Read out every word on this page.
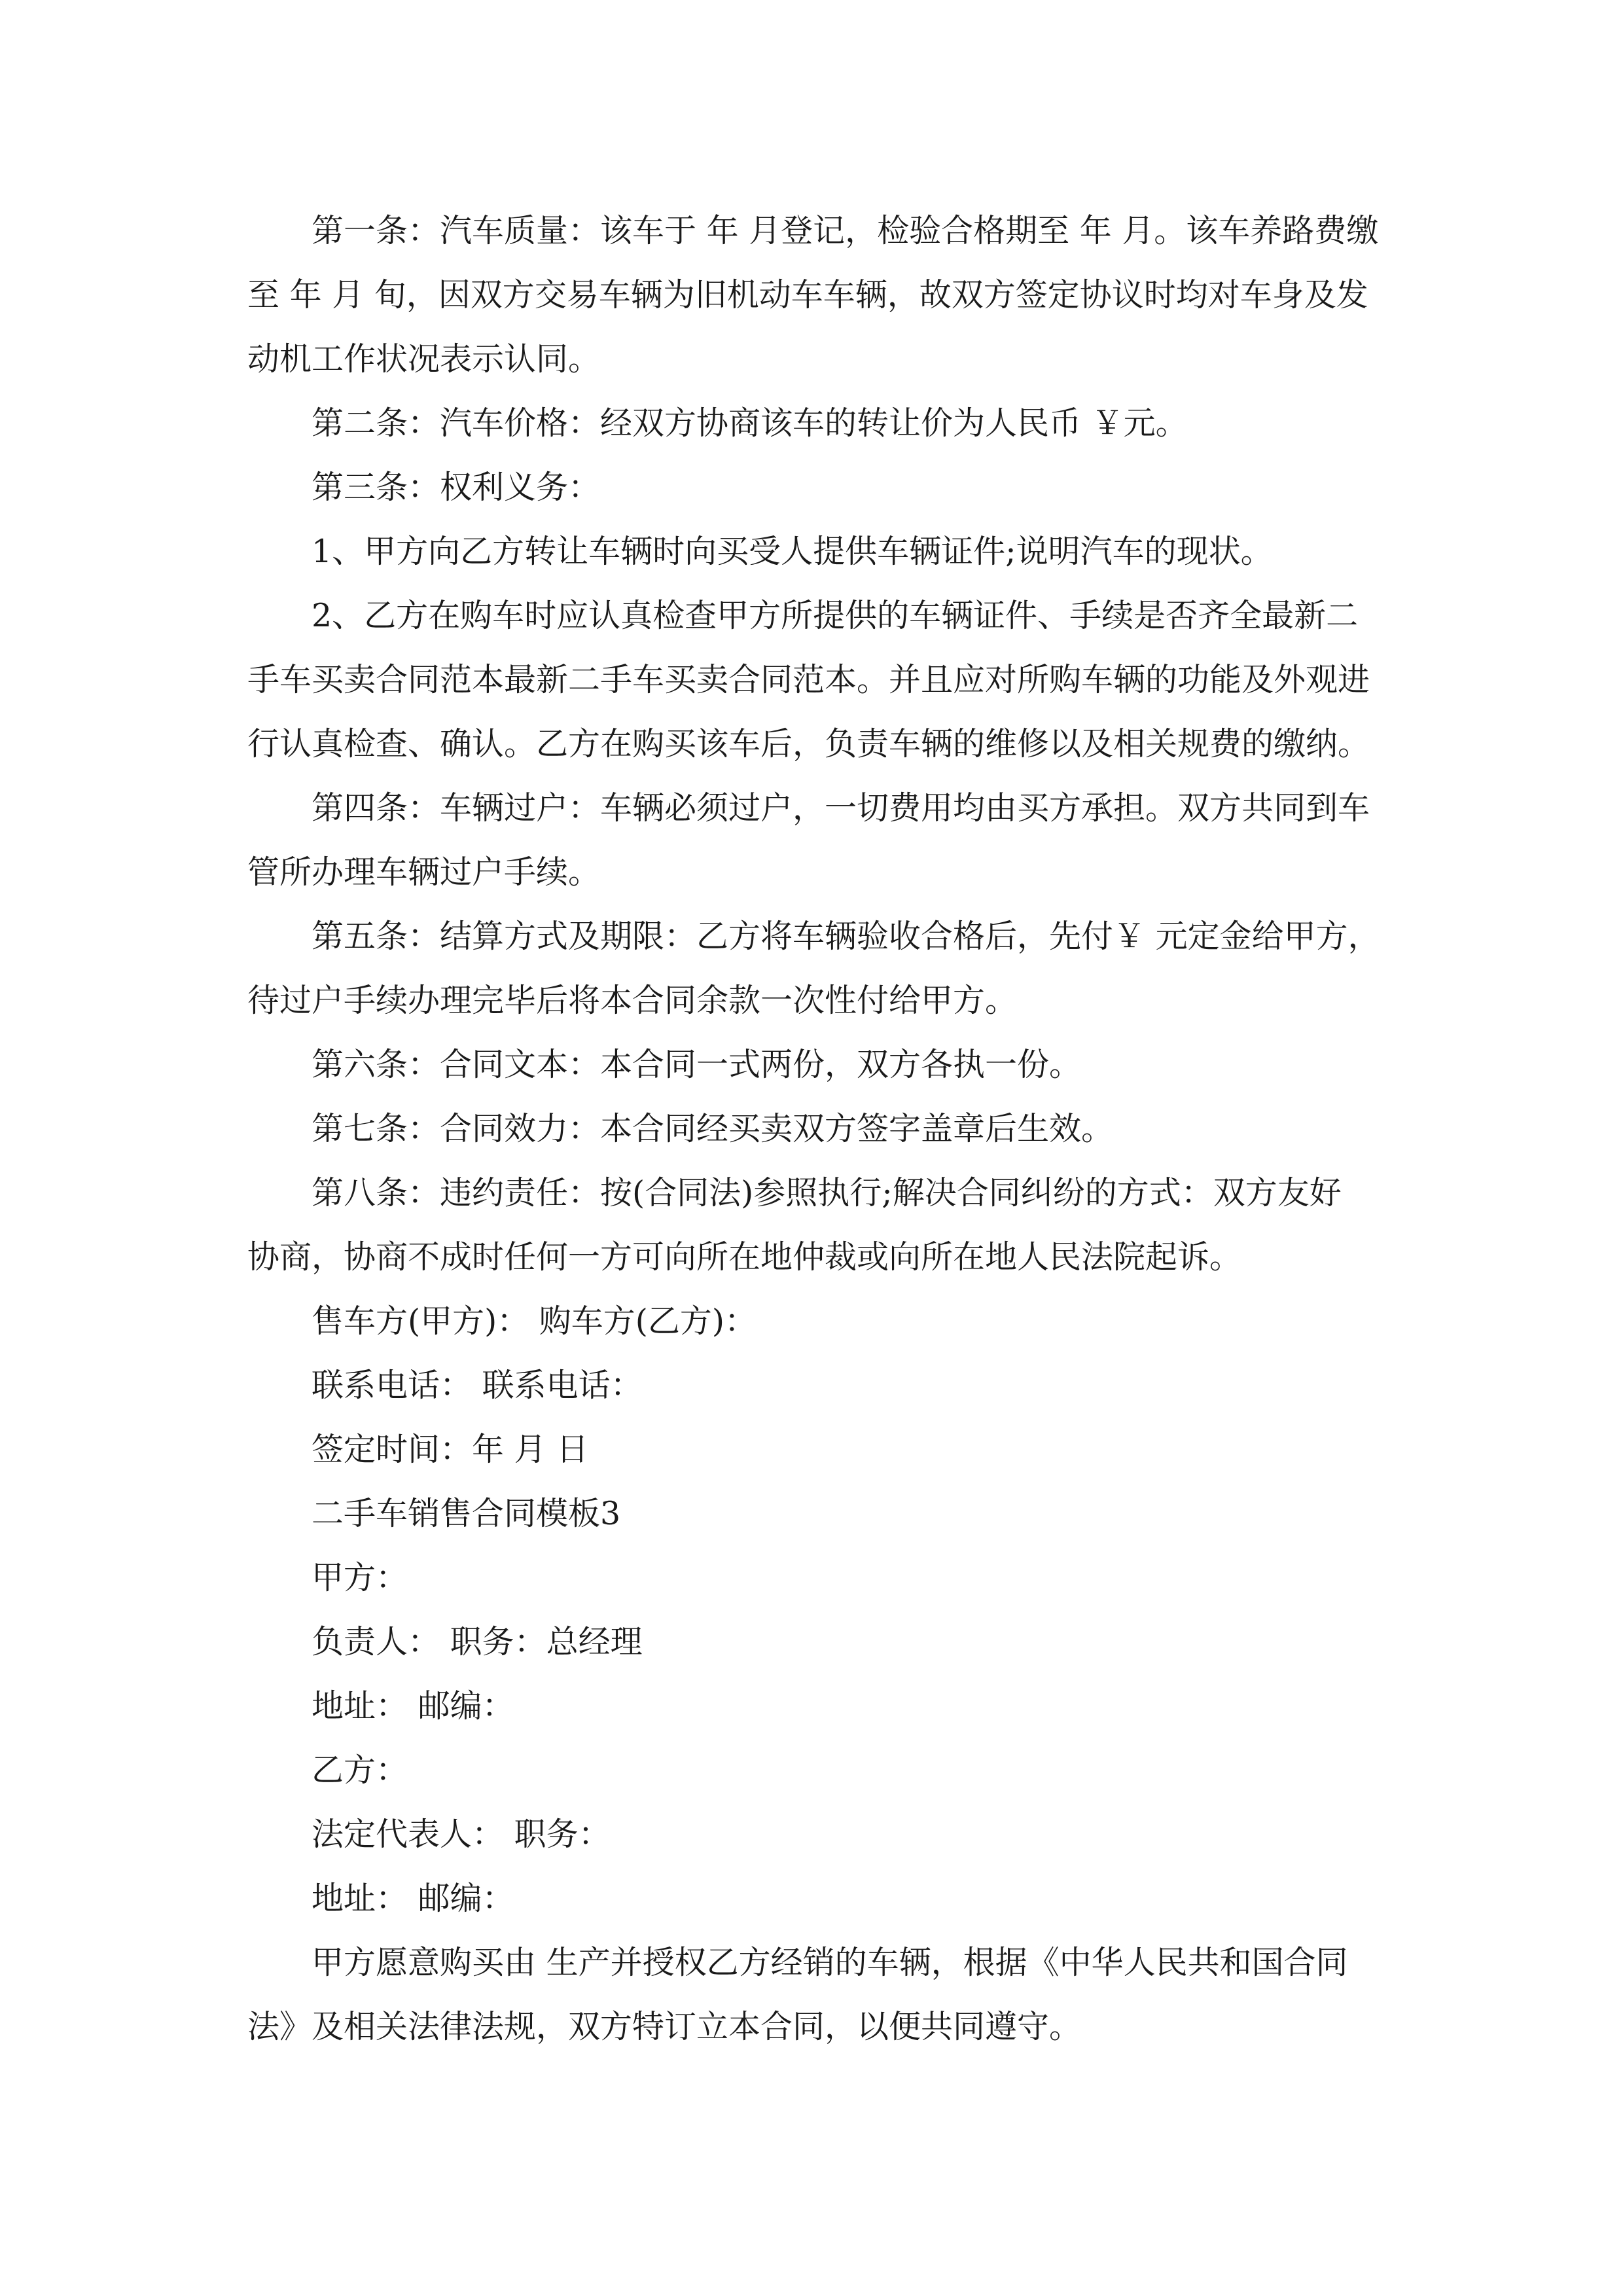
第一条：汽车质量：该车于 年 月登记，检验合格期至 年 月。该车养路费缴
至 年 月 旬，因双方交易车辆为旧机动车车辆，故双方签定协议时均对车身及发
动机工作状况表示认同。

第二条：汽车价格：经双方协商该车的转让价为人民币 ￥元。

第三条：权利义务：

1、甲方向乙方转让车辆时向买受人提供车辆证件;说明汽车的现状。

2、乙方在购车时应认真检查甲方所提供的车辆证件、手续是否齐全最新二
手车买卖合同范本最新二手车买卖合同范本。并且应对所购车辆的功能及外观进
行认真检查、确认。乙方在购买该车后，负责车辆的维修以及相关规费的缴纳。

第四条：车辆过户：车辆必须过户，一切费用均由买方承担。双方共同到车
管所办理车辆过户手续。

第五条：结算方式及期限：乙方将车辆验收合格后，先付￥ 元定金给甲方，
待过户手续办理完毕后将本合同余款一次性付给甲方。

第六条：合同文本：本合同一式两份，双方各执一份。

第七条：合同效力：本合同经买卖双方签字盖章后生效。

第八条：违约责任：按(合同法)参照执行;解决合同纠纷的方式：双方友好
协商，协商不成时任何一方可向所在地仲裁或向所在地人民法院起诉。

售车方(甲方)： 购车方(乙方)：

联系电话： 联系电话：

签定时间：年 月 日

二手车销售合同模板3

甲方：

负责人： 职务：总经理

地址： 邮编：

乙方：

法定代表人： 职务：

地址： 邮编：

甲方愿意购买由 生产并授权乙方经销的车辆，根据《中华人民共和国合同
法》及相关法律法规，双方特订立本合同，以便共同遵守。
